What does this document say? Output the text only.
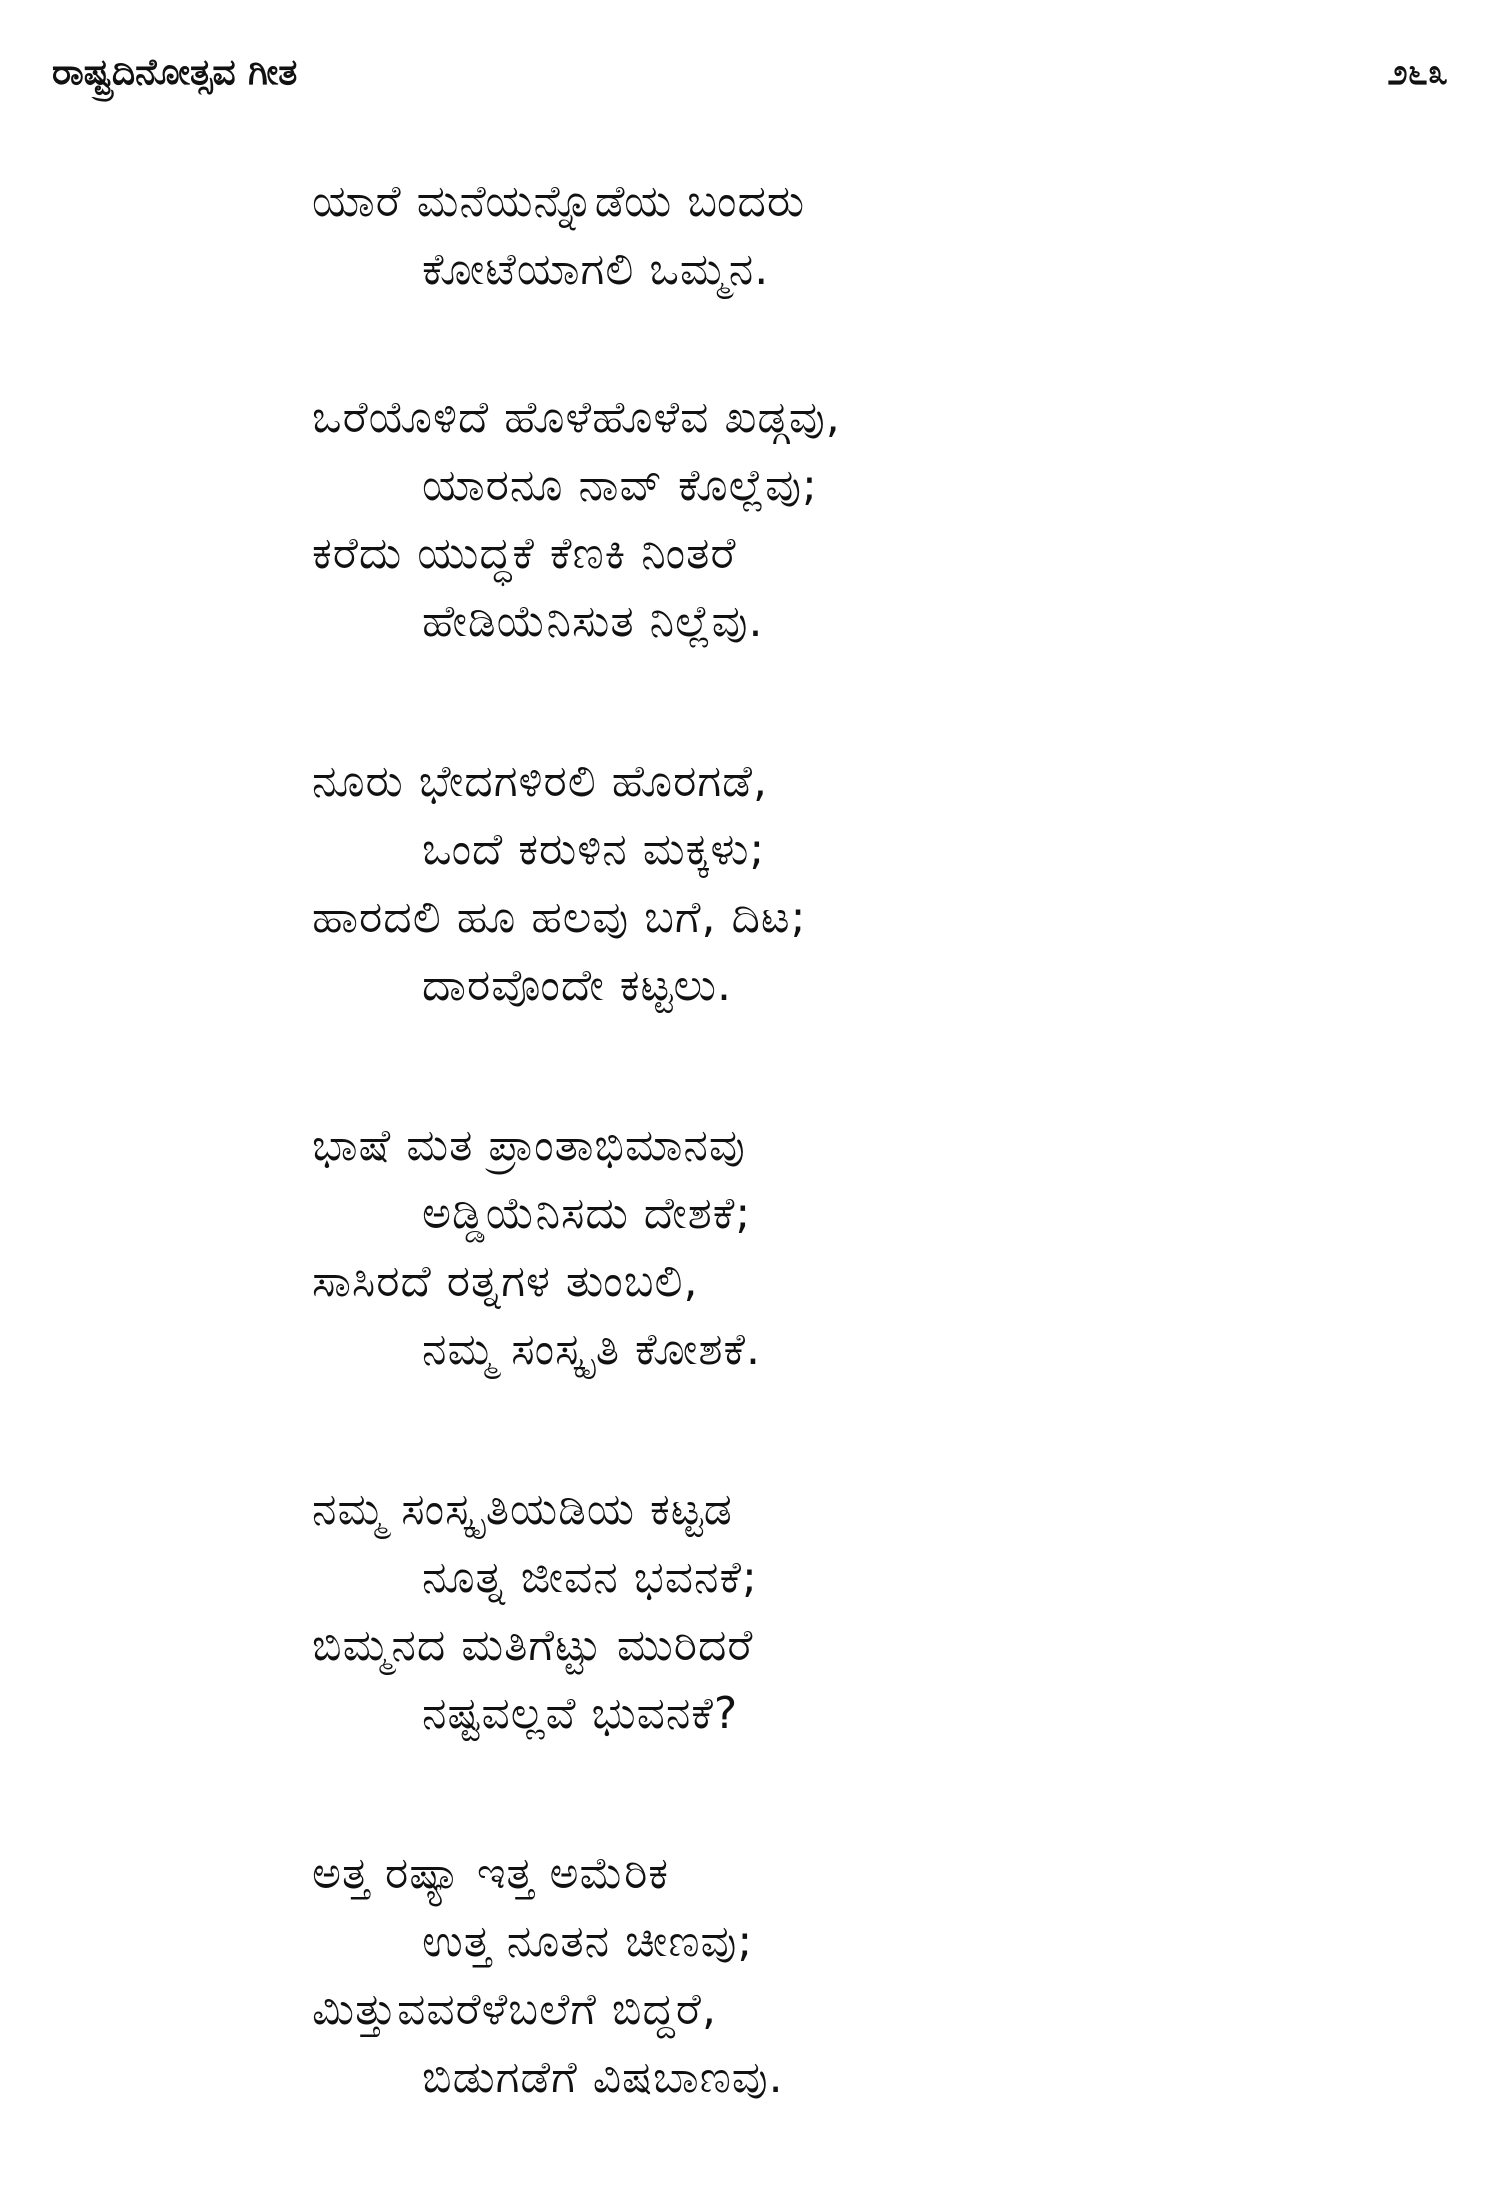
ರಾಷ್ಟ್ರದಿನೋತ್ಸವ ಗೀತ	೨೬೩
ಯಾರೆ ಮನೆಯನ್ನೊಡೆಯ ಬಂದರು
ಕೋಟೆಯಾಗಲಿ ಒಮ್ಮನ.
ಒರೆಯೊಳಿದೆ ಹೊಳೆಹೊಳೆವ ಖಡ್ಗವು,
ಯಾರನೂ ನಾವ್ ಕೊಲ್ಲೆವು;
ಕರೆದು ಯುದ್ಧಕೆ ಕೆಣಕಿ ನಿಂತರೆ
ಹೇಡಿಯೆನಿಸುತ ನಿಲ್ಲೆವು.
ನೂರು ಭೇದಗಳಿರಲಿ ಹೊರಗಡೆ,
ಒಂದೆ ಕರುಳಿನ ಮಕ್ಕಳು;
ಹಾರದಲಿ ಹೂ ಹಲವು ಬಗೆ, ದಿಟ;
ದಾರವೊಂದೇ ಕಟ್ಟಲು.
ಭಾಷೆ ಮತ ಪ್ರಾಂತಾಭಿಮಾನವು
ಅಡ್ಡಿಯೆನಿಸದು ದೇಶಕೆ;
ಸಾಸಿರದೆ ರತ್ನಗಳ ತುಂಬಲಿ,
ನಮ್ಮ ಸಂಸ್ಕೃತಿ ಕೋಶಕೆ.
ನಮ್ಮ ಸಂಸ್ಕೃತಿಯಡಿಯ ಕಟ್ಟಡ
ನೂತ್ನ ಜೀವನ ಭವನಕೆ;
ಬಿಮ್ಮನದ ಮತಿಗೆಟ್ಟು ಮುರಿದರೆ
ನಷ್ಟವಲ್ಲವೆ ಭುವನಕೆ?
ಅತ್ತ ರಷ್ಯಾ ಇತ್ತ ಅಮೆರಿಕ
ಉತ್ತ ನೂತನ ಚೀಣವು;
ಮಿತ್ತುವವರೆಳೆಬಲೆಗೆ ಬಿದ್ದರೆ,
ಬಿಡುಗಡೆಗೆ ವಿಷಬಾಣವು.
